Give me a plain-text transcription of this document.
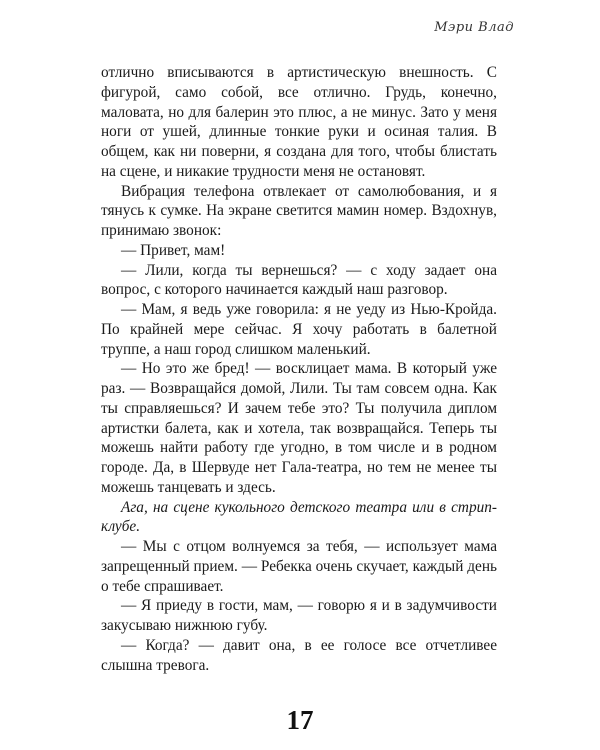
Мэри Влад

отлично вписываются в артистическую внешность. С фигурой, само собой, все отлично. Грудь, конечно, маловата, но для балерин это плюс, а не минус. Зато у меня ноги от ушей, длинные тонкие руки и осиная талия. В общем, как ни поверни, я создана для того, чтобы блистать на сцене, и никакие трудности меня не остановят.

Вибрация телефона отвлекает от самолюбования, и я тянусь к сумке. На экране светится мамин номер. Вздохнув, принимаю звонок:

— Привет, мам!

— Лили, когда ты вернешься? — с ходу задает она вопрос, с которого начинается каждый наш разговор.

— Мам, я ведь уже говорила: я не уеду из Нью-Кройда. По крайней мере сейчас. Я хочу работать в балетной труппе, а наш город слишком маленький.

— Но это же бред! — восклицает мама. В который уже раз. — Возвращайся домой, Лили. Ты там совсем одна. Как ты справляешься? И зачем тебе это? Ты получила диплом артистки балета, как и хотела, так возвращайся. Теперь ты можешь найти работу где угодно, в том числе и в родном городе. Да, в Шервуде нет Гала-театра, но тем не менее ты можешь танцевать и здесь.

Ага, на сцене кукольного детского театра или в стрип-клубе.

— Мы с отцом волнуемся за тебя, — использует мама запрещенный прием. — Ребекка очень скучает, каждый день о тебе спрашивает.

— Я приеду в гости, мам, — говорю я и в задумчивости закусываю нижнюю губу.

— Когда? — давит она, в ее голосе все отчетливее слышна тревога.

17
